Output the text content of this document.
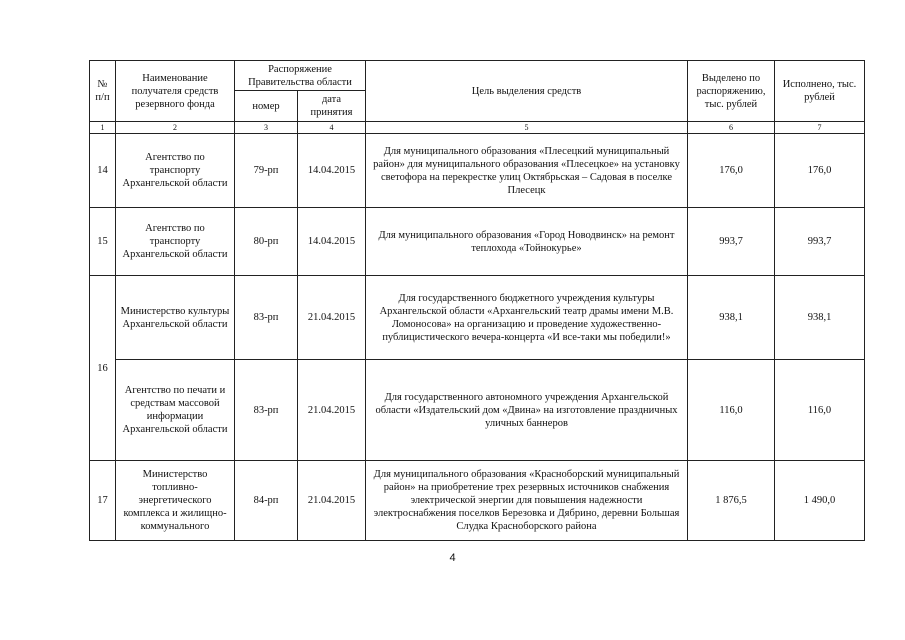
№ п/п	Наименование получателя средств резервного фонда	Распоряжение Правительства области		Цель выделения средств	Выделено по распоряжению, тыс. рублей	Исполнено, тыс. рублей
		номер	дата принятия			
1	2	3	4	5	6	7
14	Агентство по транспорту Архангельской области	79-рп	14.04.2015	Для муниципального образования «Плесецкий муниципальный район» для муниципального образования «Плесецкое» на установку светофора на перекрестке улиц Октябрьская – Садовая в поселке Плесецк	176,0	176,0
15	Агентство по транспорту Архангельской области	80-рп	14.04.2015	Для муниципального образования «Город Новодвинск» на ремонт теплохода «Тойнокурье»	993,7	993,7
16	Министерство культуры Архангельской области	83-рп	21.04.2015	Для государственного бюджетного учреждения культуры Архангельской области «Архангельский театр драмы имени М.В. Ломоносова» на организацию и проведение художественно-публицистического вечера-концерта «И все-таки мы победили!»	938,1	938,1
	Агентство по печати и средствам массовой информации Архангельской области	83-рп	21.04.2015	Для государственного автономного учреждения Архангельской области «Издательский дом «Двина» на изготовление праздничных уличных баннеров	116,0	116,0
17	Министерство топливно-энергетического комплекса и жилищно-коммунального	84-рп	21.04.2015	Для муниципального образования «Красноборский муниципальный район» на приобретение трех резервных источников снабжения электрической энергии для повышения надежности электроснабжения поселков Березовка и Дябрино, деревни Большая Слудка Красноборского района	1 876,5	1 490,0
4
